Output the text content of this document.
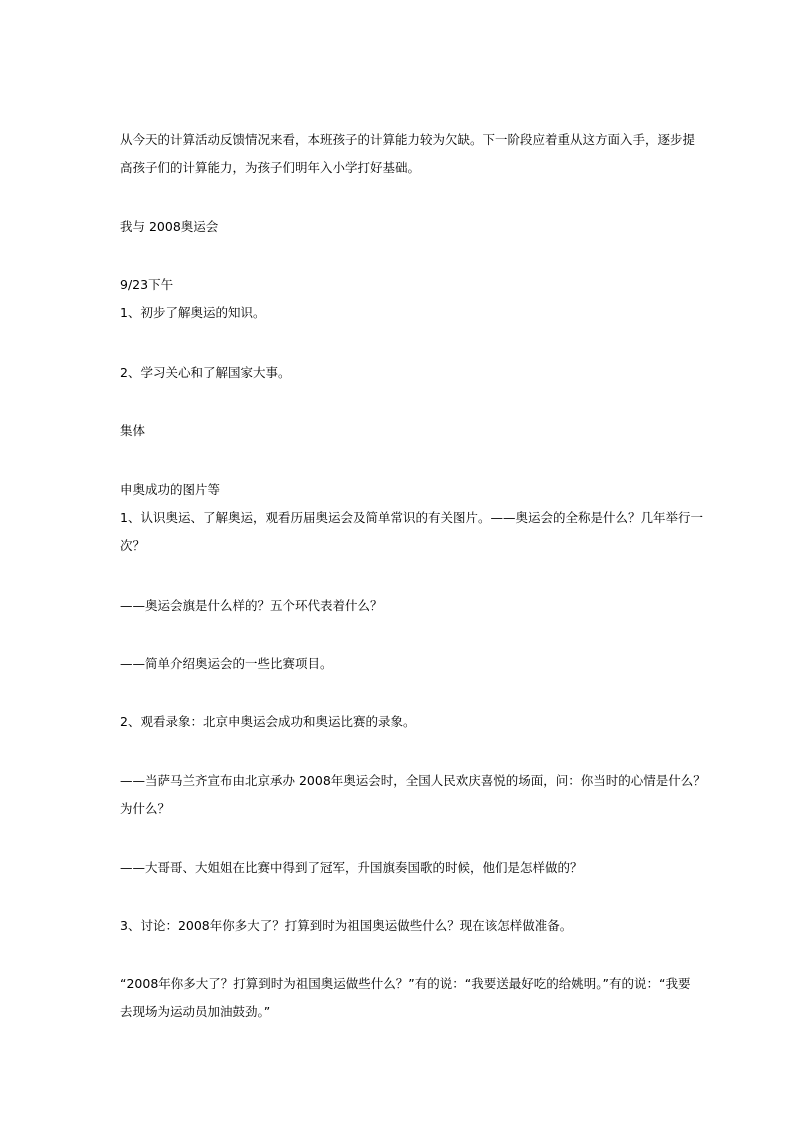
从今天的计算活动反馈情况来看，本班孩子的计算能力较为欠缺。下一阶段应着重从这方面入手，逐步提
高孩子们的计算能力，为孩子们明年入小学打好基础。

我与 2008奥运会

9/23下午
1、初步了解奥运的知识。

2、学习关心和了解国家大事。

集体

申奥成功的图片等
1、认识奥运、了解奥运，观看历届奥运会及简单常识的有关图片。——奥运会的全称是什么？几年举行一
次？

——奥运会旗是什么样的？五个环代表着什么？

——简单介绍奥运会的一些比赛项目。

2、观看录象：北京申奥运会成功和奥运比赛的录象。

——当萨马兰齐宣布由北京承办 2008年奥运会时，全国人民欢庆喜悦的场面，问：你当时的心情是什么？
为什么？

——大哥哥、大姐姐在比赛中得到了冠军，升国旗奏国歌的时候，他们是怎样做的？

3、讨论：2008年你多大了？打算到时为祖国奥运做些什么？现在该怎样做准备。

“2008年你多大了？打算到时为祖国奥运做些什么？”有的说：“我要送最好吃的给姚明。”有的说：“我要
去现场为运动员加油鼓劲。”
